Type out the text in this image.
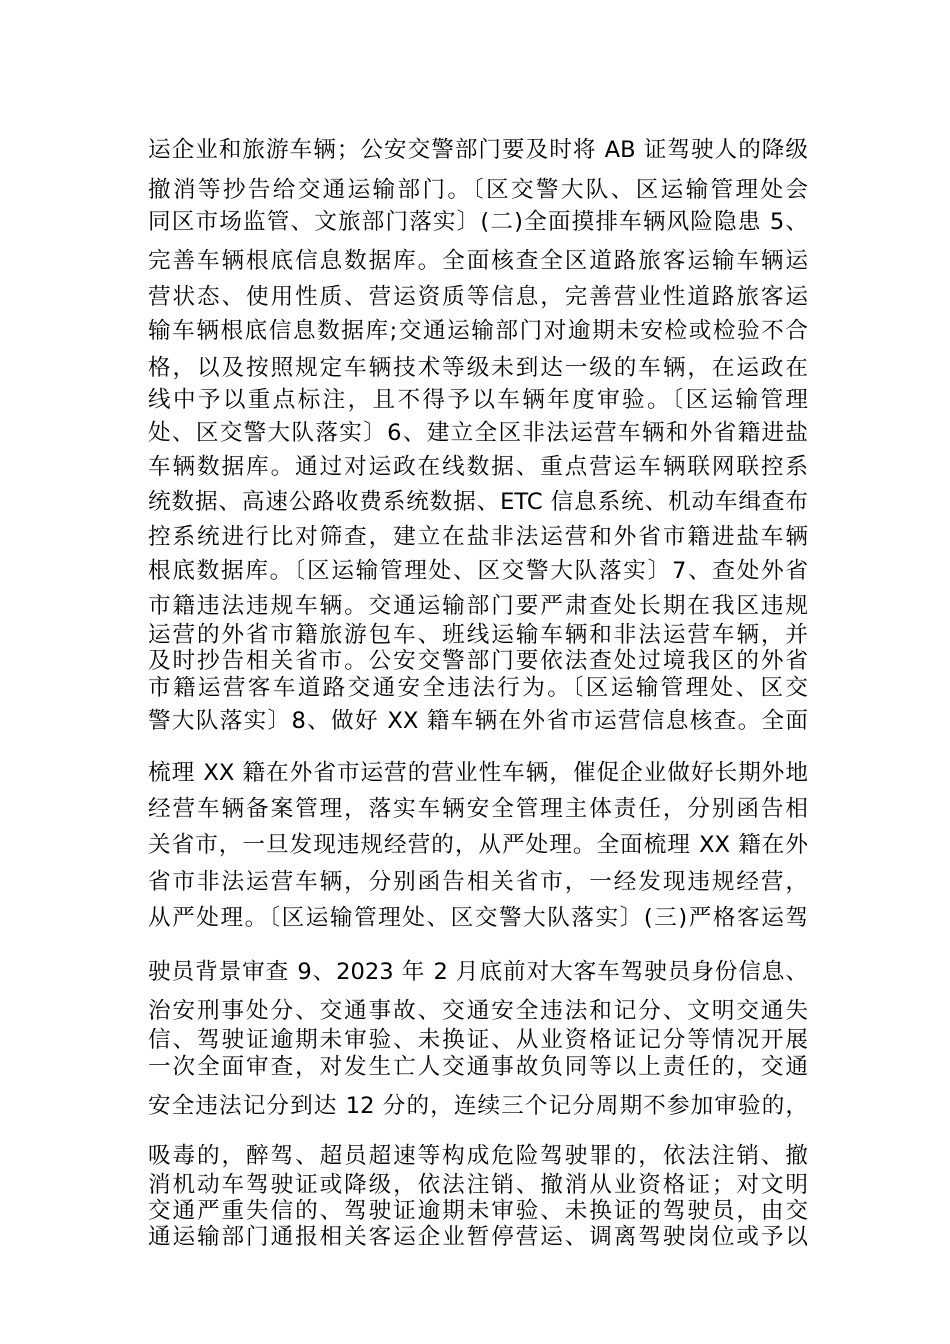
运企业和旅游车辆；公安交警部门要及时将 AB 证驾驶人的降级
撤消等抄告给交通运输部门。〔区交警大队、区运输管理处会
同区市场监管、文旅部门落实〕(二)全面摸排车辆风险隐患 5、
完善车辆根底信息数据库。全面核查全区道路旅客运输车辆运
营状态、使用性质、营运资质等信息，完善营业性道路旅客运
输车辆根底信息数据库;交通运输部门对逾期未安检或检验不合
格，以及按照规定车辆技术等级未到达一级的车辆，在运政在
线中予以重点标注，且不得予以车辆年度审验。〔区运输管理
处、区交警大队落实〕6、建立全区非法运营车辆和外省籍进盐
车辆数据库。通过对运政在线数据、重点营运车辆联网联控系
统数据、高速公路收费系统数据、ETC 信息系统、机动车缉查布
控系统进行比对筛查，建立在盐非法运营和外省市籍进盐车辆
根底数据库。〔区运输管理处、区交警大队落实〕7、查处外省
市籍违法违规车辆。交通运输部门要严肃查处长期在我区违规
运营的外省市籍旅游包车、班线运输车辆和非法运营车辆，并
及时抄告相关省市。公安交警部门要依法查处过境我区的外省
市籍运营客车道路交通安全违法行为。〔区运输管理处、区交
警大队落实〕8、做好 XX 籍车辆在外省市运营信息核查。全面
梳理 XX 籍在外省市运营的营业性车辆，催促企业做好长期外地
经营车辆备案管理，落实车辆安全管理主体责任，分别函告相
关省市，一旦发现违规经营的，从严处理。全面梳理 XX 籍在外
省市非法运营车辆，分别函告相关省市，一经发现违规经营，
从严处理。〔区运输管理处、区交警大队落实〕(三)严格客运驾
驶员背景审查 9、2023 年 2 月底前对大客车驾驶员身份信息、
治安刑事处分、交通事故、交通安全违法和记分、文明交通失
信、驾驶证逾期未审验、未换证、从业资格证记分等情况开展
一次全面审查，对发生亡人交通事故负同等以上责任的，交通
安全违法记分到达 12 分的，连续三个记分周期不参加审验的，
吸毒的，醉驾、超员超速等构成危险驾驶罪的，依法注销、撤
消机动车驾驶证或降级，依法注销、撤消从业资格证；对文明
交通严重失信的、驾驶证逾期未审验、未换证的驾驶员，由交
通运输部门通报相关客运企业暂停营运、调离驾驶岗位或予以
